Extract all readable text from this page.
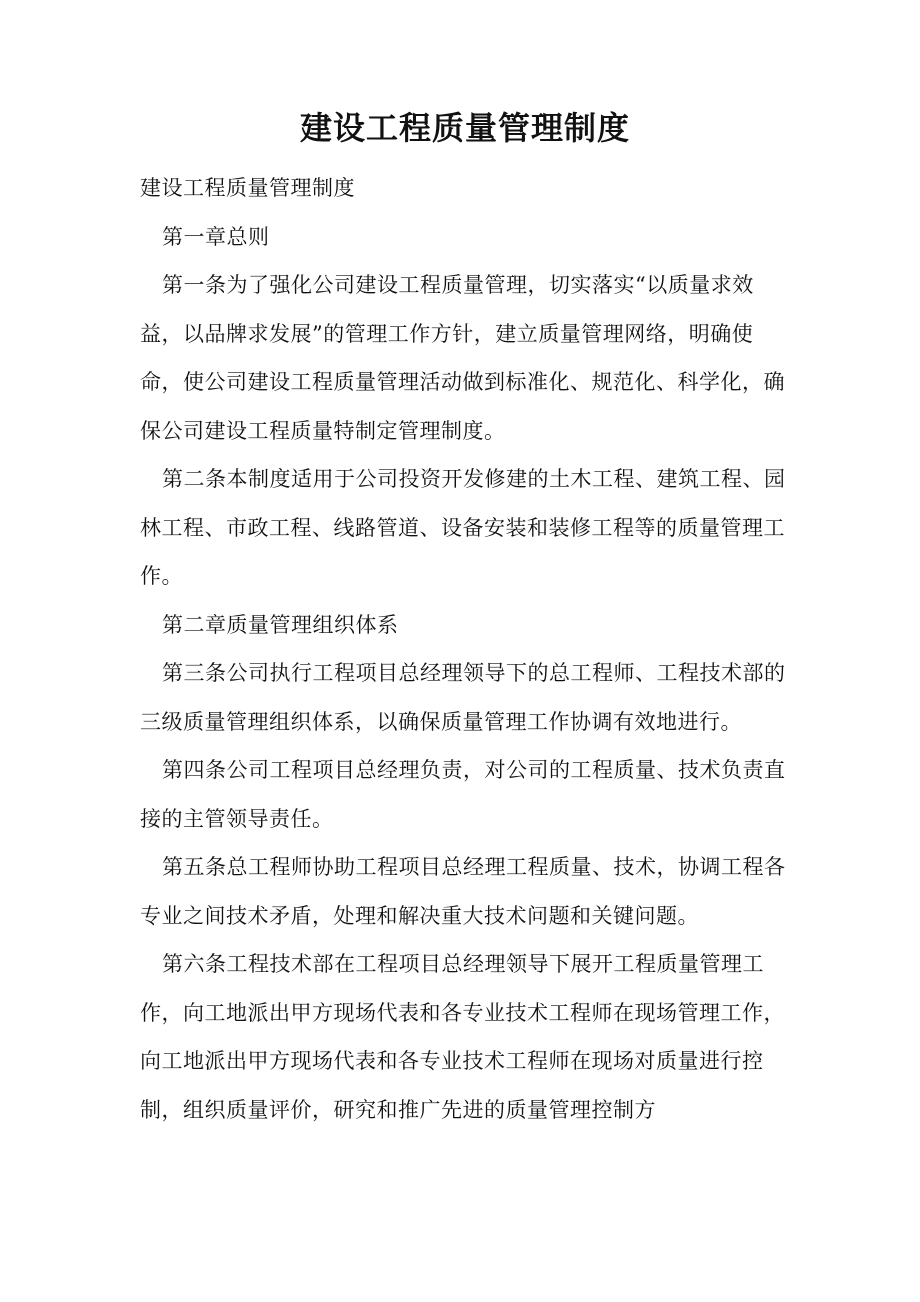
建设工程质量管理制度

建设工程质量管理制度

第一章总则

第一条为了强化公司建设工程质量管理，切实落实“以质量求效益，以品牌求发展”的管理工作方针，建立质量管理网络，明确使命，使公司建设工程质量管理活动做到标准化、规范化、科学化，确保公司建设工程质量特制定管理制度。

第二条本制度适用于公司投资开发修建的土木工程、建筑工程、园林工程、市政工程、线路管道、设备安装和装修工程等的质量管理工作。

第二章质量管理组织体系

第三条公司执行工程项目总经理领导下的总工程师、工程技术部的三级质量管理组织体系，以确保质量管理工作协调有效地进行。

第四条公司工程项目总经理负责，对公司的工程质量、技术负责直接的主管领导责任。

第五条总工程师协助工程项目总经理工程质量、技术，协调工程各专业之间技术矛盾，处理和解决重大技术问题和关键问题。

第六条工程技术部在工程项目总经理领导下展开工程质量管理工作，向工地派出甲方现场代表和各专业技术工程师在现场管理工作，向工地派出甲方现场代表和各专业技术工程师在现场对质量进行控制，组织质量评价，研究和推广先进的质量管理控制方
